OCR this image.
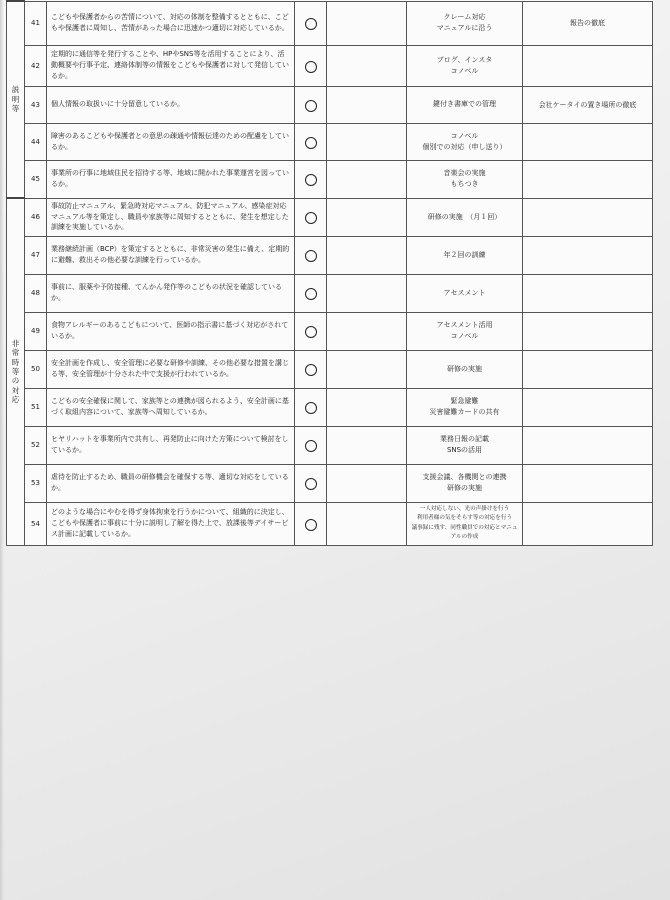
説明等	41	こどもや保護者からの苦情について、対応の体制を整備するとともに、こどもや保護者に周知し、苦情があった場合に迅速かつ適切に対応しているか。			クレーム対応
マニュアルに沿う	報告の徹底
	42	定期的に通信等を発行することや、HPやSNS等を活用することにより、活動概要や行事予定、連絡体制等の情報をこどもや保護者に対して発信しているか。			ブログ、インスタ
コノベル	

	43	個人情報の取扱いに十分留意しているか。			鍵付き書庫での管理	会社ケータイの置き場所の徹底
	44	障害のあるこどもや保護者との意思の疎通や情報伝達のための配慮をしているか。			コノベル
個別での対応（申し送り）	

	45	事業所の行事に地域住民を招待する等、地域に開かれた事業運営を図っているか。			音楽会の実施
もちつき	

非常時等の対応	46	事故防止マニュアル、緊急時対応マニュアル、防犯マニュアル、感染症対応マニュアル等を策定し、職員や家族等に周知するとともに、発生を想定した訓練を実施しているか。			研修の実施　（月１回）	

	47	業務継続計画（BCP）を策定するとともに、非常災害の発生に備え、定期的に避難、救出その他必要な訓練を行っているか。			年２回の訓練	

	48	事前に、服薬や予防接種、てんかん発作等のこどもの状況を確認しているか。			アセスメント	

	49	食物アレルギーのあるこどもについて、医師の指示書に基づく対応がされているか。			アセスメント活用
コノベル	

	50	安全計画を作成し、安全管理に必要な研修や訓練、その他必要な措置を講じる等、安全管理が十分された中で支援が行われているか。			研修の実施	

	51	こどもの安全確保に関して、家族等との連携が図られるよう、安全計画に基づく取組内容について、家族等へ周知しているか。			緊急避難
災害避難カードの共有	

	52	ヒヤリハットを事業所内で共有し、再発防止に向けた方策について検討をしているか。			業務日報の記載
SNSの活用	

	53	虐待を防止するため、職員の研修機会を確保する等、適切な対応をしているか。			支援会議、各機関との連携
研修の実施	

	54	どのような場合にやむを得ず身体拘束を行うかについて、組織的に決定し、こどもや保護者に事前に十分に説明し了解を得た上で、放課後等デイサービス計画に記載しているか。			一人対応しない、光の声掛けを行う
利用者様の気をそらす等の対応を行う
議事録に残す、同性職員での対応とマニュアルの作成	
